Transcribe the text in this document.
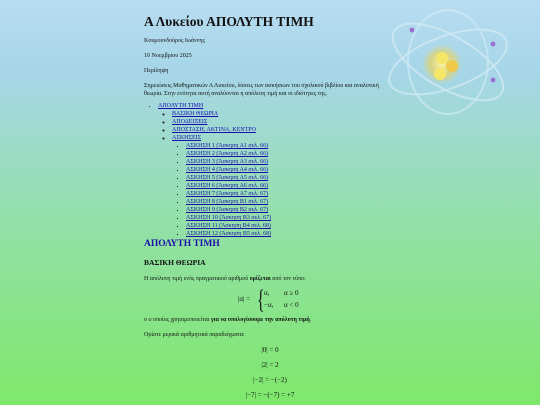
Α Λυκείου ΑΠΟΛΥΤΗ ΤΙΜΗ
Κουμουνδούρος Ιωάννης
10 Νοεμβρίου 2025
Περίληψη
Σημειώσεις Μαθηματικών Α Λυκείου, λύσεις των ασκήσεων του σχολικού βιβλίου και αναλυτική θεωρία. Στην ενότητα αυτή αναλύονται η απόλυτη τιμή και οι ιδιότητες της.
• ΑΠΟΛΥΤΗ ΤΙΜΗ
◦ ΒΑΣΙΚΗ ΘΕΩΡΙΑ
◦ ΑΠΟΔΕΙΞΕΙΣ
◦ ΑΠΟΣΤΑΣΗ, ΑΚΤΙΝΑ, ΚΕΝΤΡΟ
◦ ΑΣΚΗΣΕΙΣ
▪ ΑΣΚΗΣΗ 1 (Άσκηση Α1 σελ. 66)
▪ ΑΣΚΗΣΗ 2 (Άσκηση Α2 σελ. 66)
▪ ΑΣΚΗΣΗ 3 (Άσκηση Α3 σελ. 66)
▪ ΑΣΚΗΣΗ 4 (Άσκηση Α4 σελ. 66)
▪ ΑΣΚΗΣΗ 5 (Άσκηση Α5 σελ. 66)
▪ ΑΣΚΗΣΗ 6 (Άσκηση Α6 σελ. 66)
▪ ΑΣΚΗΣΗ 7 (Άσκηση Α7 σελ. 67)
▪ ΑΣΚΗΣΗ 8 (Άσκηση Β1 σελ. 67)
▪ ΑΣΚΗΣΗ 9 (Άσκηση Β2 σελ. 67)
▪ ΑΣΚΗΣΗ 10 (Άσκηση Β3 σελ. 67)
▪ ΑΣΚΗΣΗ 11 (Άσκηση Β4 σελ. 68)
▪ ΑΣΚΗΣΗ 12 (Άσκηση Β5 σελ. 68)
ΑΠΟΛΥΤΗ ΤΙΜΗ
ΒΑΣΙΚΗ ΘΕΩΡΙΑ
Η απόλυτη τιμή ενός πραγματικού αριθμού ορίζεται από τον τύπο:
|α| = { α,
−α,
α ≥ 0
α < 0
ο ο οποίος χρησιμοποιείται για να υπολογίσουμε την απόλυτη τιμή.
Ορίστε μερικά αριθμητικά παραδείγματα:
|0| = 0
|2| = 2
|−2| = −(−2)
|−7| = −(−7) = +7
